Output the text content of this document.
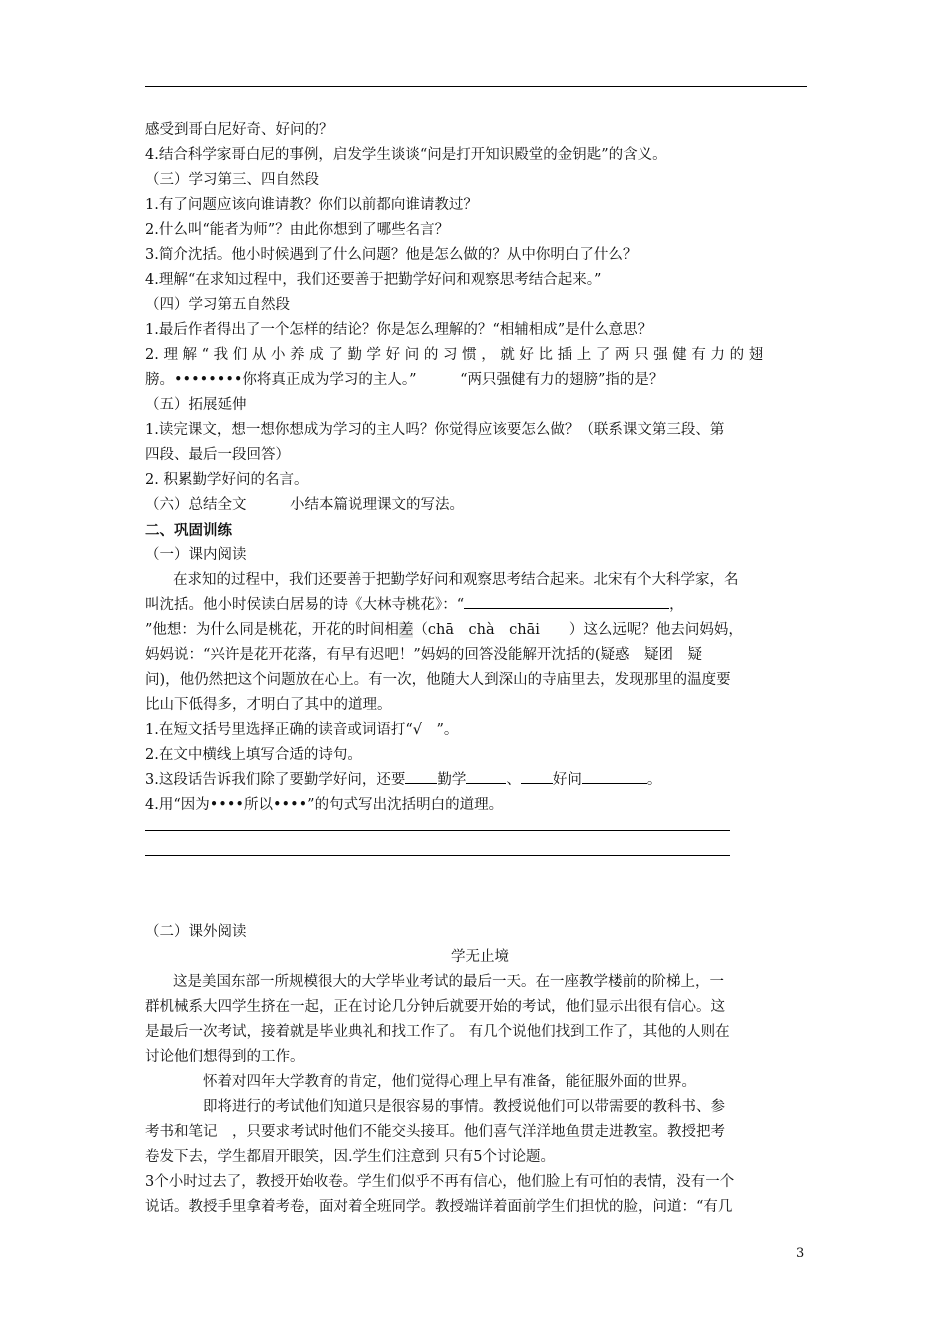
感受到哥白尼好奇、好问的？
4.结合科学家哥白尼的事例，启发学生谈谈“问是打开知识殿堂的金钥匙”的含义。
（三）学习第三、四自然段
1.有了问题应该向谁请教？你们以前都向谁请教过？
2.什么叫“能者为师”？由此你想到了哪些名言？
3.简介沈括。他小时候遇到了什么问题？他是怎么做的？从中你明白了什么？
4.理解“在求知过程中，我们还要善于把勤学好问和观察思考结合起来。”
（四）学习第五自然段
1.最后作者得出了一个怎样的结论？你是怎么理解的？“相辅相成”是什么意思？
2. 理 解 “ 我 们 从 小 养 成 了 勤 学 好 问 的 习 惯 ， 就 好 比 插 上 了 两 只 强 健 有 力 的 翅
膀。••••••••你将真正成为学习的主人。”　　　“两只强健有力的翅膀”指的是？
（五）拓展延伸
1.读完课文，想一想你想成为学习的主人吗？你觉得应该要怎么做？（联系课文第三段、第
四段、最后一段回答）
2. 积累勤学好问的名言。
（六）总结全文　　　小结本篇说理课文的写法。
二、巩固训练
（一）课内阅读
在求知的过程中，我们还要善于把勤学好问和观察思考结合起来。北宋有个大科学家，名
叫沈括。他小时侯读白居易的诗《大林寺桃花》：“	，
”他想：为什么同是桃花，开花的时间相差（chā　chà　chāi　　）这么远呢？他去问妈妈，
妈妈说：“兴许是花开花落，有早有迟吧！”妈妈的回答没能解开沈括的(疑惑　疑团　疑
问)，他仍然把这个问题放在心上。有一次，他随大人到深山的寺庙里去，发现那里的温度要
比山下低得多，才明白了其中的道理。
1.在短文括号里选择正确的读音或词语打“√　”。
2.在文中横线上填写合适的诗句。
3.这段话告诉我们除了要勤学好问，还要 勤学	、 好问	。
4.用“因为••••所以••••”的句式写出沈括明白的道理。
（二）课外阅读
学无止境
这是美国东部一所规模很大的大学毕业考试的最后一天。在一座教学楼前的阶梯上，一
群机械系大四学生挤在一起，正在讨论几分钟后就要开始的考试，他们显示出很有信心。这
是最后一次考试，接着就是毕业典礼和找工作了。 有几个说他们找到工作了，其他的人则在
讨论他们想得到的工作。
怀着对四年大学教育的肯定，他们觉得心理上早有准备，能征服外面的世界。
即将进行的考试他们知道只是很容易的事情。教授说他们可以带需要的教科书、参
考书和笔记　，只要求考试时他们不能交头接耳。他们喜气洋洋地鱼贯走进教室。教授把考
卷发下去，学生都眉开眼笑，因.学生们注意到 只有5个讨论题。
3个小时过去了，教授开始收卷。学生们似乎不再有信心，他们脸上有可怕的表情，没有一个
说话。教授手里拿着考卷，面对着全班同学。教授端详着面前学生们担忧的脸，问道：“有几
3
